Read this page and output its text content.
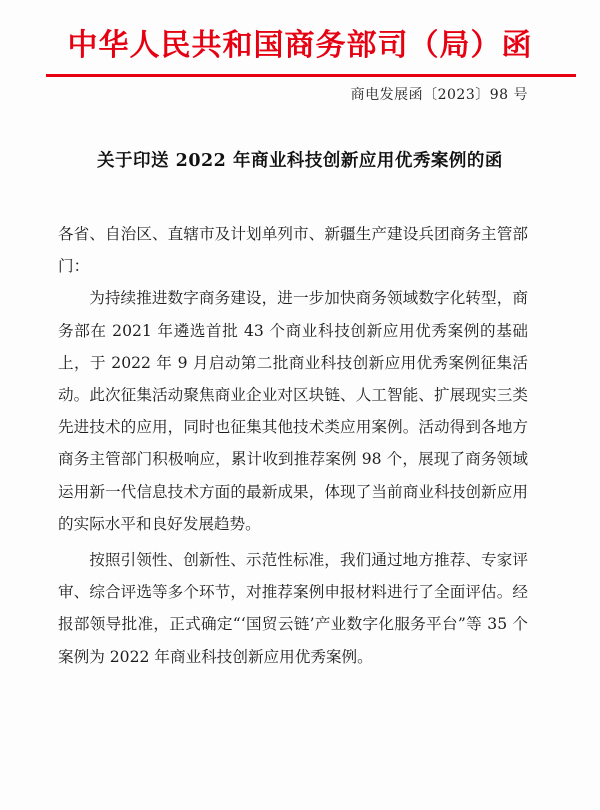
中华人民共和国商务部司（局）函
商电发展函〔2023〕98 号
关于印送 2022 年商业科技创新应用优秀案例的函

各省、自治区、直辖市及计划单列市、新疆生产建设兵团商务主管部门：

为持续推进数字商务建设，进一步加快商务领域数字化转型，商务部在 2021 年遴选首批 43 个商业科技创新应用优秀案例的基础上，于 2022 年 9 月启动第二批商业科技创新应用优秀案例征集活动。此次征集活动聚焦商业企业对区块链、人工智能、扩展现实三类先进技术的应用，同时也征集其他技术类应用案例。活动得到各地方商务主管部门积极响应，累计收到推荐案例 98 个，展现了商务领域运用新一代信息技术方面的最新成果，体现了当前商业科技创新应用的实际水平和良好发展趋势。

按照引领性、创新性、示范性标准，我们通过地方推荐、专家评审、综合评选等多个环节，对推荐案例申报材料进行了全面评估。经报部领导批准，正式确定“‘国贸云链’产业数字化服务平台”等 35 个案例为 2022 年商业科技创新应用优秀案例。
